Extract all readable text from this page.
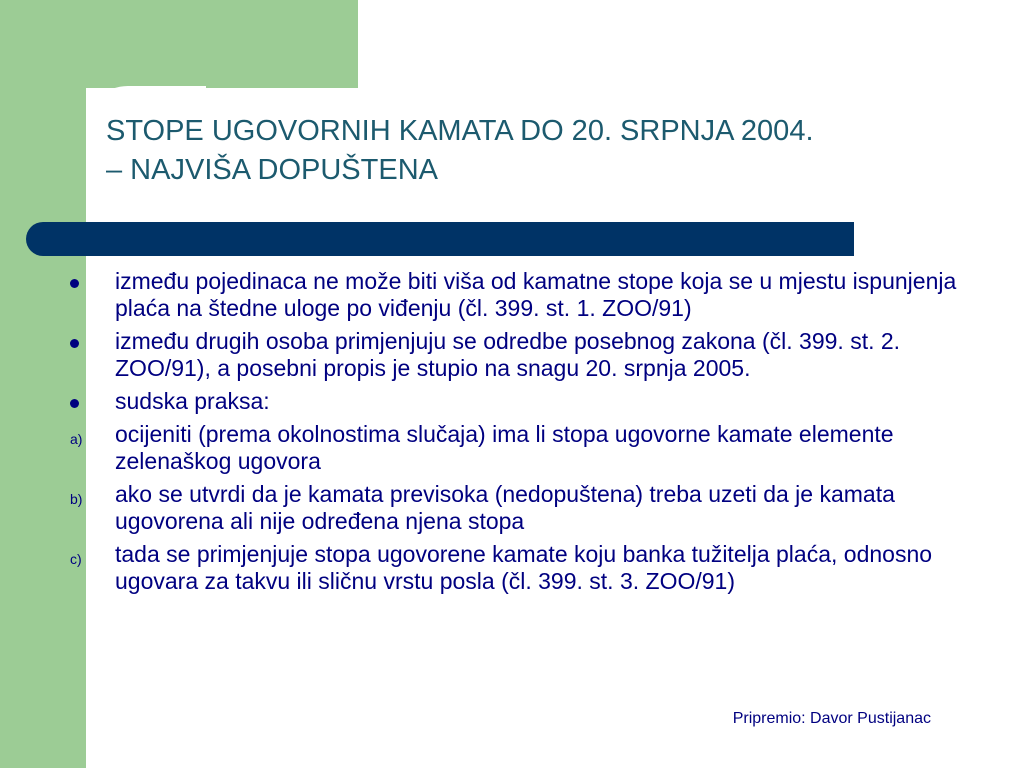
STOPE UGOVORNIH KAMATA DO 20. SRPNJA 2004.
– NAJVIŠA DOPUŠTENA
između pojedinaca ne može biti viša od kamatne stope koja se u mjestu ispunjenja plaća na štedne uloge po viđenju (čl. 399. st. 1. ZOO/91)
između drugih osoba primjenjuju se odredbe posebnog zakona (čl. 399. st. 2. ZOO/91), a posebni propis je stupio na snagu 20. srpnja 2005.
sudska praksa:
a) ocijeniti (prema okolnostima slučaja) ima li stopa ugovorne kamate elemente zelenaškog ugovora
b) ako se utvrdi da je kamata previsoka (nedopuštena) treba uzeti da je kamata ugovorena ali nije određena njena stopa
c) tada se primjenjuje stopa ugovorene kamate koju banka tužitelja plaća, odnosno ugovara za takvu ili sličnu vrstu posla (čl. 399. st. 3. ZOO/91)
Pripremio: Davor Pustijanac
